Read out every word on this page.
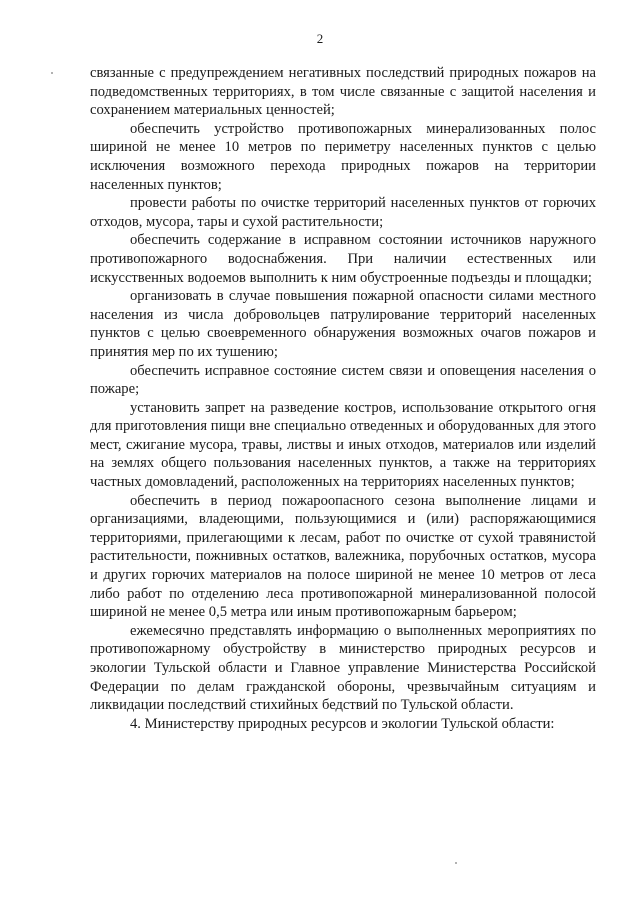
2

связанные с предупреждением негативных последствий природных пожаров на подведомственных территориях, в том числе связанные с защитой населения и сохранением материальных ценностей;

обеспечить устройство противопожарных минерализованных полос шириной не менее 10 метров по периметру населенных пунктов с целью исключения возможного перехода природных пожаров на территории населенных пунктов;

провести работы по очистке территорий населенных пунктов от горючих отходов, мусора, тары и сухой растительности;

обеспечить содержание в исправном состоянии источников наружного противопожарного водоснабжения. При наличии естественных или искусственных водоемов выполнить к ним обустроенные подъезды и площадки;

организовать в случае повышения пожарной опасности силами местного населения из числа добровольцев патрулирование территорий населенных пунктов с целью своевременного обнаружения возможных очагов пожаров и принятия мер по их тушению;

обеспечить исправное состояние систем связи и оповещения населения о пожаре;

установить запрет на разведение костров, использование открытого огня для приготовления пищи вне специально отведенных и оборудованных для этого мест, сжигание мусора, травы, листвы и иных отходов, материалов или изделий на землях общего пользования населенных пунктов, а также на территориях частных домовладений, расположенных на территориях населенных пунктов;

обеспечить в период пожароопасного сезона выполнение лицами и организациями, владеющими, пользующимися и (или) распоряжающимися территориями, прилегающими к лесам, работ по очистке от сухой травянистой растительности, пожнивных остатков, валежника, порубочных остатков, мусора и других горючих материалов на полосе шириной не менее 10 метров от леса либо работ по отделению леса противопожарной минерализованной полосой шириной не менее 0,5 метра или иным противопожарным барьером;

ежемесячно представлять информацию о выполненных мероприятиях по противопожарному обустройству в министерство природных ресурсов и экологии Тульской области и Главное управление Министерства Российской Федерации по делам гражданской обороны, чрезвычайным ситуациям и ликвидации последствий стихийных бедствий по Тульской области.

4. Министерству природных ресурсов и экологии Тульской области:
